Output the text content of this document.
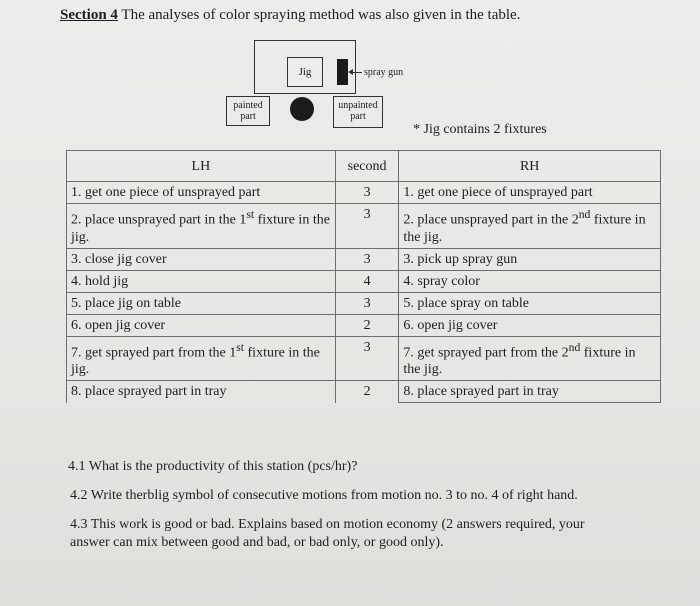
Section 4 The analyses of color spraying method was also given in the table.
Jig	spray gun
painted
part
unpainted
part
* Jig contains 2 fixtures
LH	second	RH
1. get one piece of unsprayed part	3	1. get one piece of unsprayed part
2. place unsprayed part in the 1st fixture in the jig.	3	2. place unsprayed part in the 2nd fixture in the jig.
3. close jig cover	3	3. pick up spray gun
4. hold jig	4	4. spray color
5. place jig on table	3	5. place spray on table
6. open jig cover	2	6. open jig cover
7. get sprayed part from the 1st fixture in the jig.	3	7. get sprayed part from the 2nd fixture in the jig.
8. place sprayed part in tray	2	8. place sprayed part in tray
4.1 What is the productivity of this station (pcs/hr)?
4.2 Write therblig symbol of consecutive motions from motion no. 3 to no. 4 of right hand.
4.3 This work is good or bad. Explains based on motion economy (2 answers required, your
answer can mix between good and bad, or bad only, or good only).
